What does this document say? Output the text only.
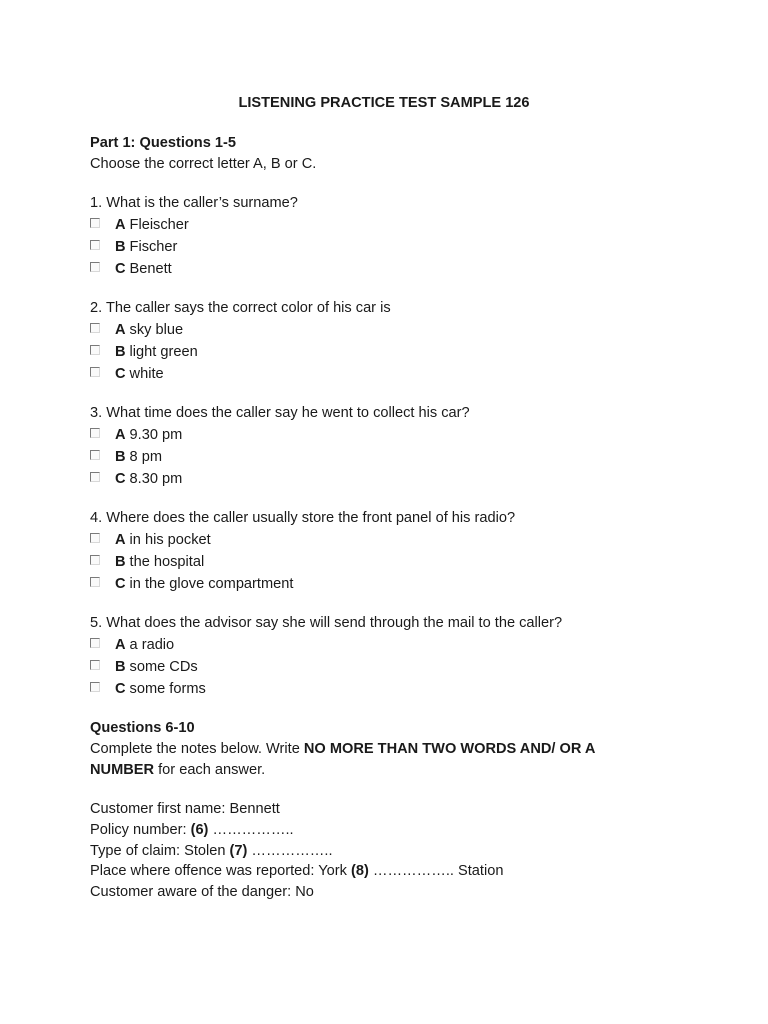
LISTENING PRACTICE TEST SAMPLE 126
Part 1: Questions 1-5
Choose the correct letter A, B or C.
1. What is the caller’s surname?
A Fleischer
B Fischer
C Benett
2. The caller says the correct color of his car is
A sky blue
B light green
C white
3. What time does the caller say he went to collect his car?
A 9.30 pm
B 8 pm
C 8.30 pm
4. Where does the caller usually store the front panel of his radio?
A in his pocket
B the hospital
C in the glove compartment
5. What does the advisor say she will send through the mail to the caller?
A a radio
B some CDs
C some forms
Questions 6-10
Complete the notes below. Write NO MORE THAN TWO WORDS AND/ OR A NUMBER for each answer.
Customer first name: Bennett
Policy number: (6) ……………..
Type of claim: Stolen (7) ……………..
Place where offence was reported: York (8) …………….. Station
Customer aware of the danger: No
